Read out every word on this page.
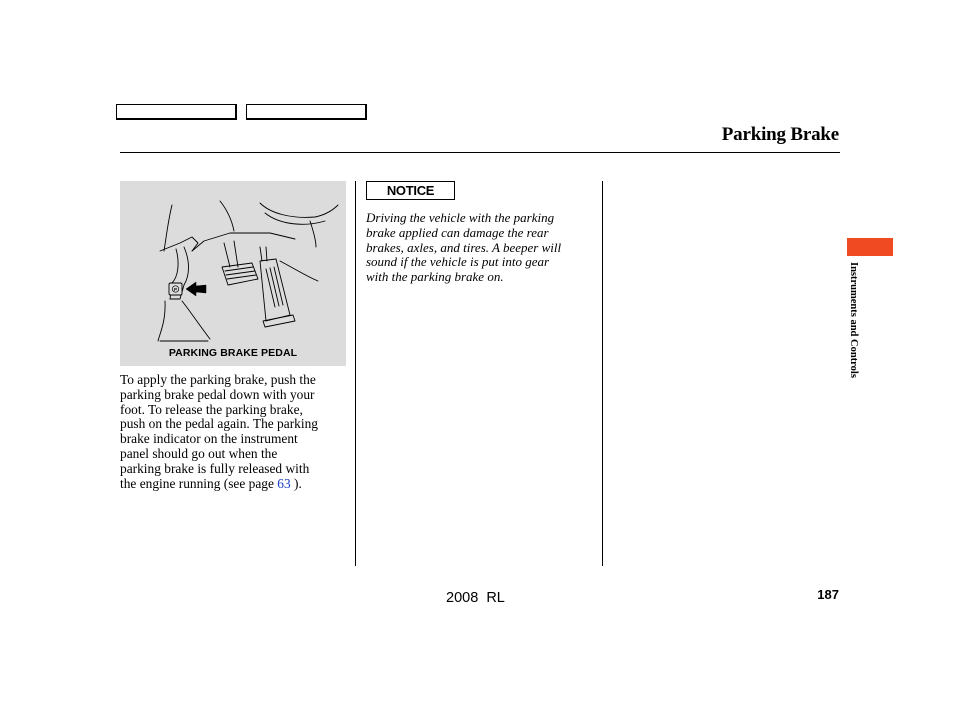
Parking Brake
P
PARKING BRAKE PEDAL
To apply the parking brake, push the
parking brake pedal down with your
foot. To release the parking brake,
push on the pedal again. The parking
brake indicator on the instrument
panel should go out when the
parking brake is fully released with
the engine running (see page 63 ).
NOTICE
Driving the vehicle with the parking
brake applied can damage the rear
brakes, axles, and tires. A beeper will
sound if the vehicle is put into gear
with the parking brake on.	Instruments and Controls
187
2008  RL
